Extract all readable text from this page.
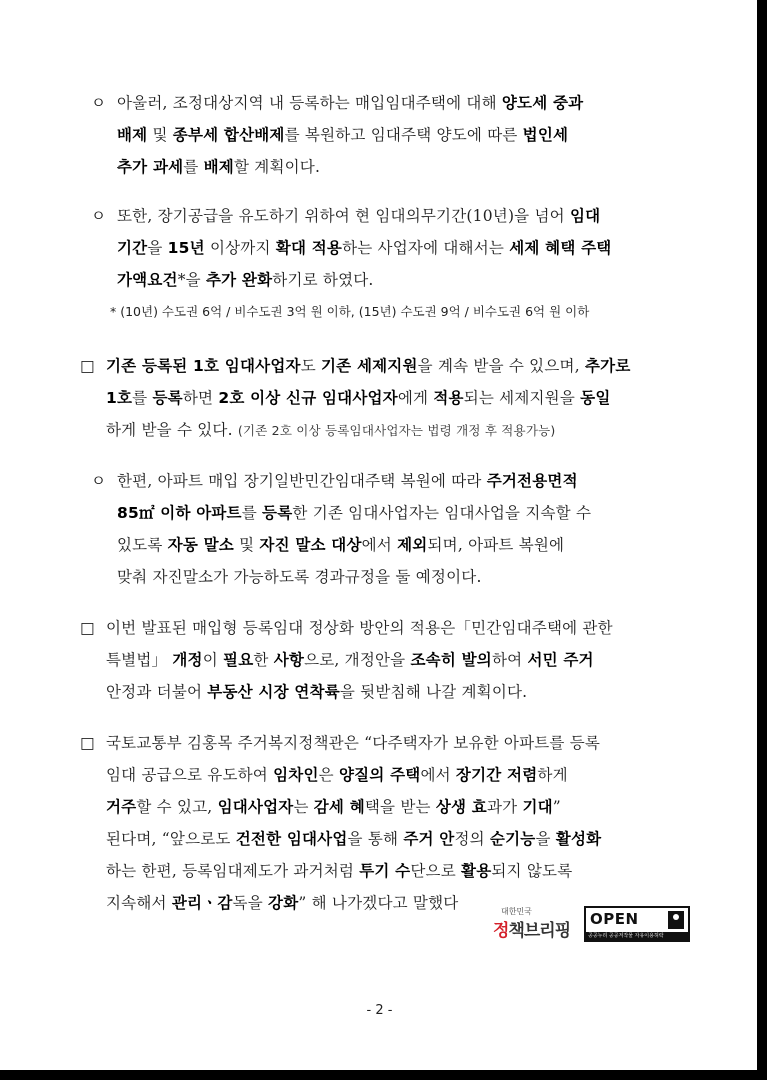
ㅇ 아울러, 조정대상지역 내 등록하는 매입임대주택에 대해 양도세 중과
배제 및 종부세 합산배제를 복원하고 임대주택 양도에 따른 법인세
추가 과세를 배제할 계획이다.
ㅇ 또한, 장기공급을 유도하기 위하여 현 임대의무기간(10년)을 넘어 임대
기간을 15년 이상까지 확대 적용하는 사업자에 대해서는 세제 혜택 주택
가액요건*을 추가 완화하기로 하였다.
* (10년) 수도권 6억 / 비수도권 3억 원 이하, (15년) 수도권 9억 / 비수도권 6억 원 이하
□ 기존 등록된 1호 임대사업자도 기존 세제지원을 계속 받을 수 있으며, 추가로
1호를 등록하면 2호 이상 신규 임대사업자에게 적용되는 세제지원을 동일
하게 받을 수 있다. (기존 2호 이상 등록임대사업자는 법령 개정 후 적용가능)
ㅇ 한편, 아파트 매입 장기일반민간임대주택 복원에 따라 주거전용면적
85㎡ 이하 아파트를 등록한 기존 임대사업자는 임대사업을 지속할 수
있도록 자동 말소 및 자진 말소 대상에서 제외되며, 아파트 복원에
맞춰 자진말소가 가능하도록 경과규정을 둘 예정이다.
□ 이번 발표된 매입형 등록임대 정상화 방안의 적용은「민간임대주택에 관한
특별법」 개정이 필요한 사항으로, 개정안을 조속히 발의하여 서민 주거
안정과 더불어 부동산 시장 연착륙을 뒷받침해 나갈 계획이다.
□ 국토교통부 김홍목 주거복지정책관은 “다주택자가 보유한 아파트를 등록
임대 공급으로 유도하여 임차인은 양질의 주택에서 장기간 저렴하게
거주할 수 있고, 임대사업자는 감세 혜택을 받는 상생 효과가 기대”
된다며, “앞으로도 건전한 임대사업을 통해 주거 안정의 순기능을 활성화
하는 한편, 등록임대제도가 과거처럼 투기 수단으로 활용되지 않도록
지속해서 관리ㆍ감독을 강화” 해 나가겠다고 말했다	대한민국
정책브리핑
OPEN
공공누리 공공저작물 자유이용허락
- 2 -
